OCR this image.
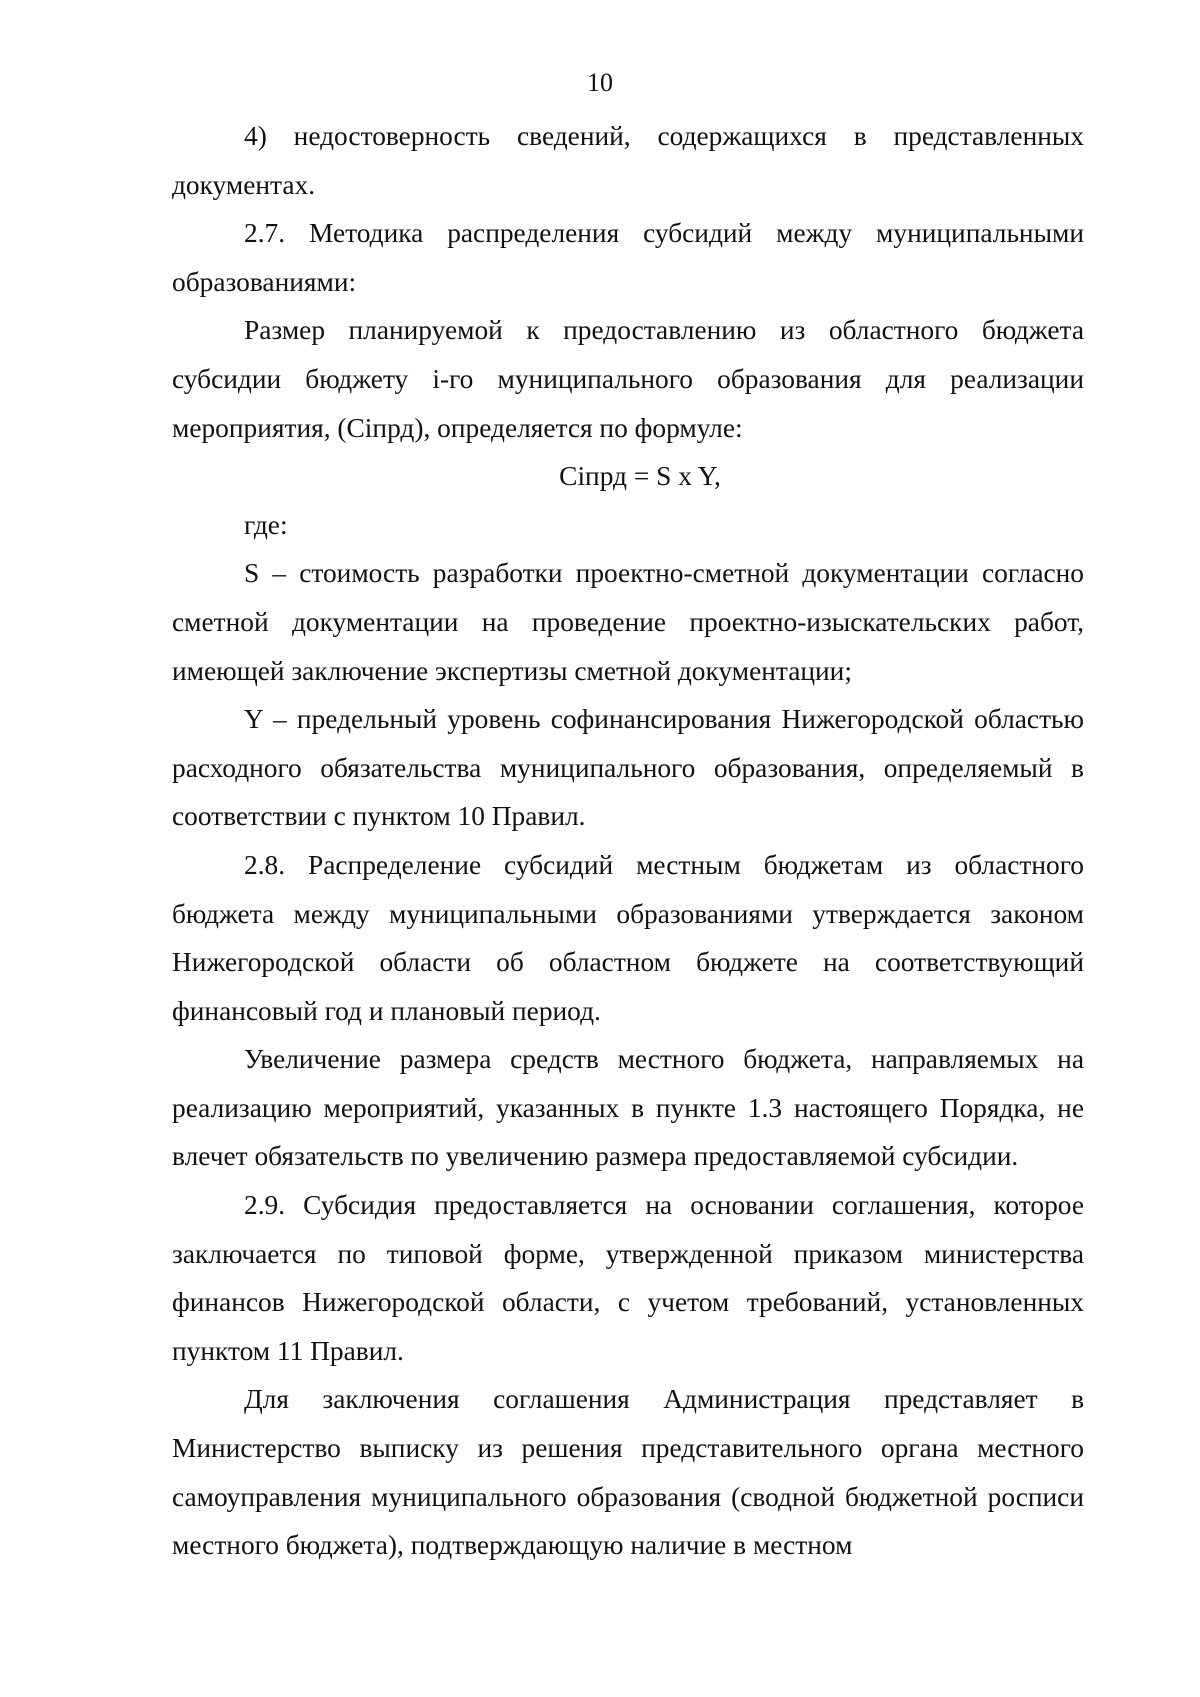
10

4) недостоверность сведений, содержащихся в представленных документах.

2.7. Методика распределения субсидий между муниципальными образованиями:

Размер планируемой к предоставлению из областного бюджета субсидии бюджету i-го муниципального образования для реализации мероприятия, (Ciпрд), определяется по формуле:

Ciпрд = S x Y,

где:

S – стоимость разработки проектно-сметной документации согласно сметной документации на проведение проектно-изыскательских работ, имеющей заключение экспертизы сметной документации;

Y – предельный уровень софинансирования Нижегородской областью расходного обязательства муниципального образования, определяемый в соответствии с пунктом 10 Правил.

2.8. Распределение субсидий местным бюджетам из областного бюджета между муниципальными образованиями утверждается законом Нижегородской области об областном бюджете на соответствующий финансовый год и плановый период.

Увеличение размера средств местного бюджета, направляемых на реализацию мероприятий, указанных в пункте 1.3 настоящего Порядка, не влечет обязательств по увеличению размера предоставляемой субсидии.

2.9. Субсидия предоставляется на основании соглашения, которое заключается по типовой форме, утвержденной приказом министерства финансов Нижегородской области, с учетом требований, установленных пунктом 11 Правил.

Для заключения соглашения Администрация представляет в Министерство выписку из решения представительного органа местного самоуправления муниципального образования (сводной бюджетной росписи местного бюджета), подтверждающую наличие в местном
